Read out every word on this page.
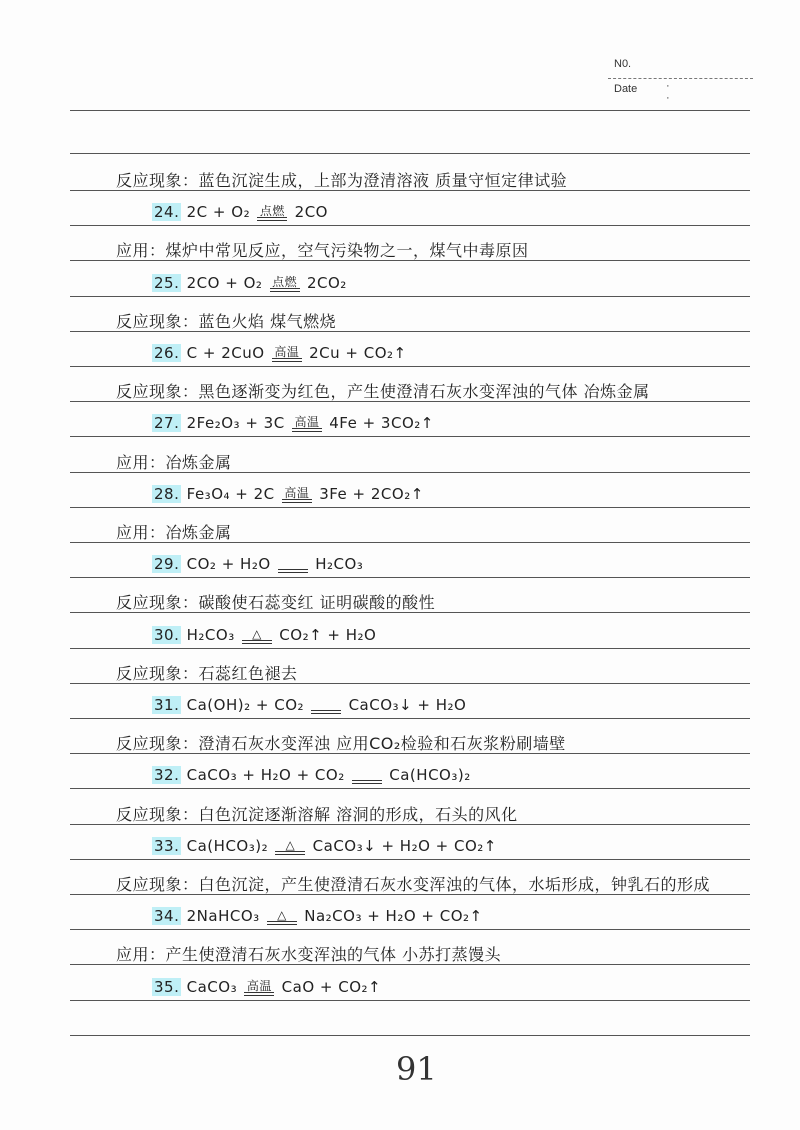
N0.
Date	· ·
反应现象：蓝色沉淀生成，上部为澄清溶液 质量守恒定律试验
24. 2C + O₂ 点燃 2CO
应用：煤炉中常见反应，空气污染物之一，煤气中毒原因
25. 2CO + O₂ 点燃 2CO₂
反应现象：蓝色火焰 煤气燃烧
26. C + 2CuO 高温 2Cu + CO₂↑
反应现象：黑色逐渐变为红色，产生使澄清石灰水变浑浊的气体 冶炼金属
27. 2Fe₂O₃ + 3C 高温 4Fe + 3CO₂↑
应用：冶炼金属
28. Fe₃O₄ + 2C 高温 3Fe + 2CO₂↑
应用：冶炼金属
29. CO₂ + H₂O	H₂CO₃
反应现象：碳酸使石蕊变红 证明碳酸的酸性
30. H₂CO₃	△	CO₂↑ + H₂O
反应现象：石蕊红色褪去
31. Ca(OH)₂ + CO₂	CaCO₃↓ + H₂O
反应现象：澄清石灰水变浑浊 应用CO₂检验和石灰浆粉刷墙壁
32. CaCO₃ + H₂O + CO₂	Ca(HCO₃)₂
反应现象：白色沉淀逐渐溶解 溶洞的形成，石头的风化
33. Ca(HCO₃)₂	△	CaCO₃↓ + H₂O + CO₂↑
反应现象：白色沉淀，产生使澄清石灰水变浑浊的气体，水垢形成，钟乳石的形成
34. 2NaHCO₃	△	Na₂CO₃ + H₂O + CO₂↑
应用：产生使澄清石灰水变浑浊的气体 小苏打蒸馒头
35. CaCO₃ 高温 CaO + CO₂↑
91
